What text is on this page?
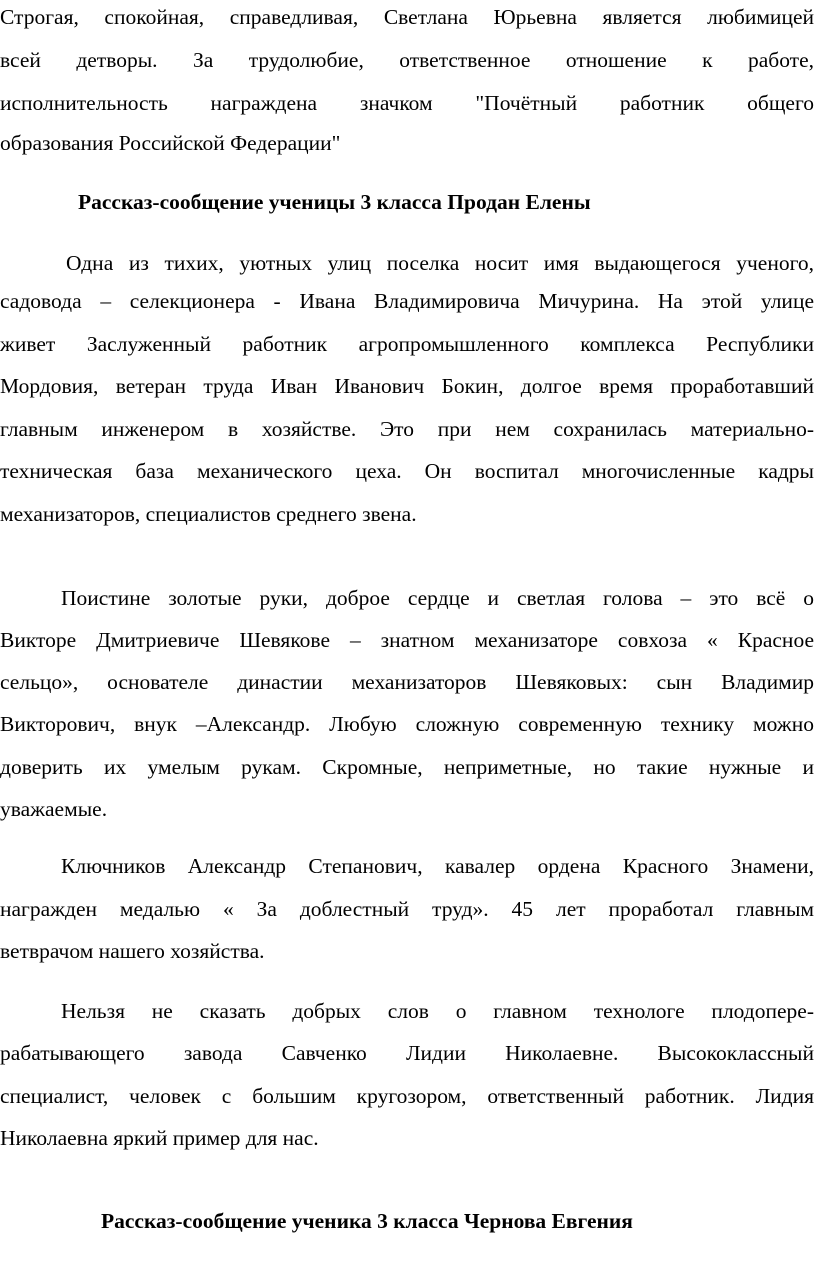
Строгая, спокойная, справедливая, Светлана Юрьевна является любимицей
всей детворы. За трудолюбие, ответственное отношение к работе,
исполнительность награждена значком "Почётный работник общего
образования Российской Федерации"
Рассказ-сообщение ученицы 3 класса Продан Елены
Одна из тихих, уютных улиц поселка носит имя выдающегося ученого,
садовода – селекционера - Ивана Владимировича Мичурина. На этой улице
живет Заслуженный работник агропромышленного комплекса Республики
Мордовия, ветеран труда Иван Иванович Бокин, долгое время проработавший
главным инженером в хозяйстве. Это при нем сохранилась материально-
техническая база механического цеха. Он воспитал многочисленные кадры
механизаторов, специалистов среднего звена.
Поистине золотые руки, доброе сердце и светлая голова – это всё о
Викторе Дмитриевиче Шевякове – знатном механизаторе совхоза « Красное
сельцо», основателе династии механизаторов Шевяковых: сын Владимир
Викторович, внук –Александр. Любую сложную современную технику можно
доверить их умелым рукам. Скромные, неприметные, но такие нужные и
уважаемые.
Ключников Александр Степанович, кавалер ордена Красного Знамени,
награжден медалью « За доблестный труд». 45 лет проработал главным
ветврачом нашего хозяйства.
Нельзя не сказать добрых слов о главном технологе плодопере-
рабатывающего завода Савченко Лидии Николаевне. Высококлассный
специалист, человек с большим кругозором, ответственный работник. Лидия
Николаевна яркий пример для нас.
Рассказ-сообщение ученика 3 класса Чернова Евгения
